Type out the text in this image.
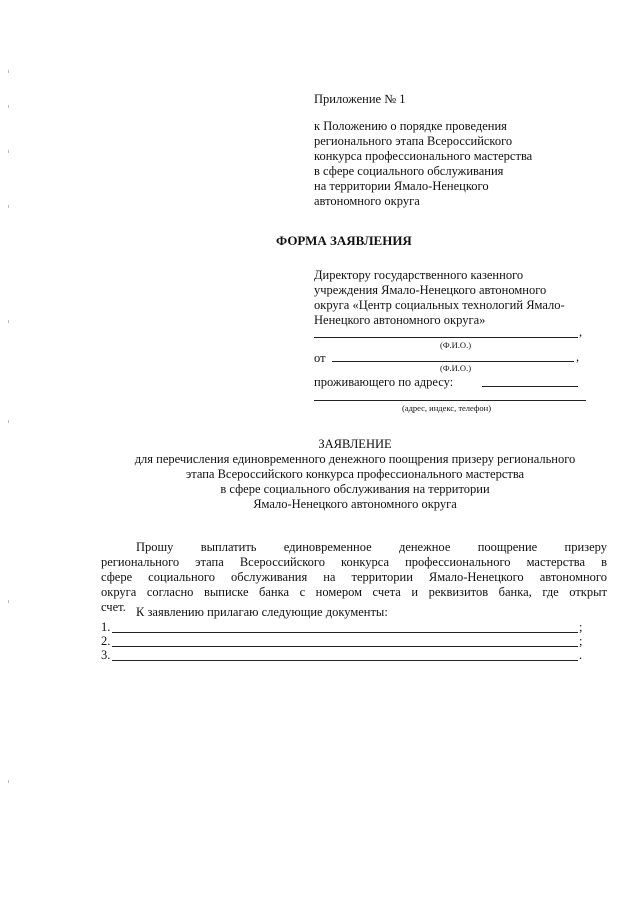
Приложение № 1
к Положению о порядке проведения
регионального этапа Всероссийского
конкурса профессионального мастерства
в сфере социального обслуживания
на территории Ямало-Ненецкого
автономного округа
ФОРМА ЗАЯВЛЕНИЯ
Директору государственного казенного
учреждения Ямало-Ненецкого автономного
округа «Центр социальных технологий Ямало-
Ненецкого автономного округа»
,
(Ф.И.О.)
от	,
(Ф.И.О.)
проживающего по адресу:
(адрес, индекс, телефон)
ЗАЯВЛЕНИЕ
для перечисления единовременного денежного поощрения призеру регионального
этапа Всероссийского конкурса профессионального мастерства
в сфере социального обслуживания на территории
Ямало-Ненецкого автономного округа
Прошу выплатить единовременное денежное поощрение призеру
регионального этапа Всероссийского конкурса профессионального мастерства в
сфере социального обслуживания на территории Ямало-Ненецкого автономного
округа согласно выписке банка с номером счета и реквизитов банка, где открыт
счет. К заявлению прилагаю следующие документы:
1.	;
2.	;
3.	.
